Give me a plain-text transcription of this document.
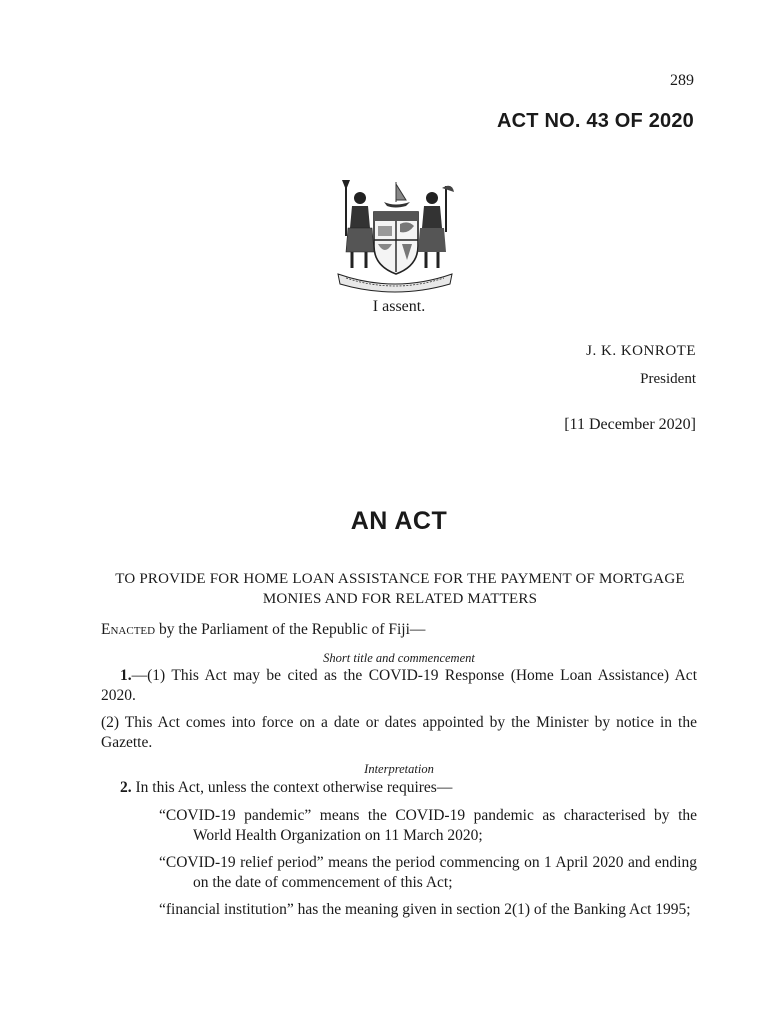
289
ACT NO. 43 OF 2020
I assent.
J. K. KONROTE
President
[11 December 2020]
AN ACT
TO PROVIDE FOR HOME LOAN ASSISTANCE FOR THE PAYMENT OF MORTGAGE MONIES AND FOR RELATED MATTERS
Enacted by the Parliament of the Republic of Fiji—
Short title and commencement
1.—(1) This Act may be cited as the COVID-19 Response (Home Loan Assistance) Act 2020.
(2) This Act comes into force on a date or dates appointed by the Minister by notice in the Gazette.
Interpretation
2. In this Act, unless the context otherwise requires—
“COVID-19 pandemic” means the COVID-19 pandemic as characterised by the World Health Organization on 11 March 2020;
“COVID-19 relief period” means the period commencing on 1 April 2020 and ending on the date of commencement of this Act;
“financial institution” has the meaning given in section 2(1) of the Banking Act 1995;
